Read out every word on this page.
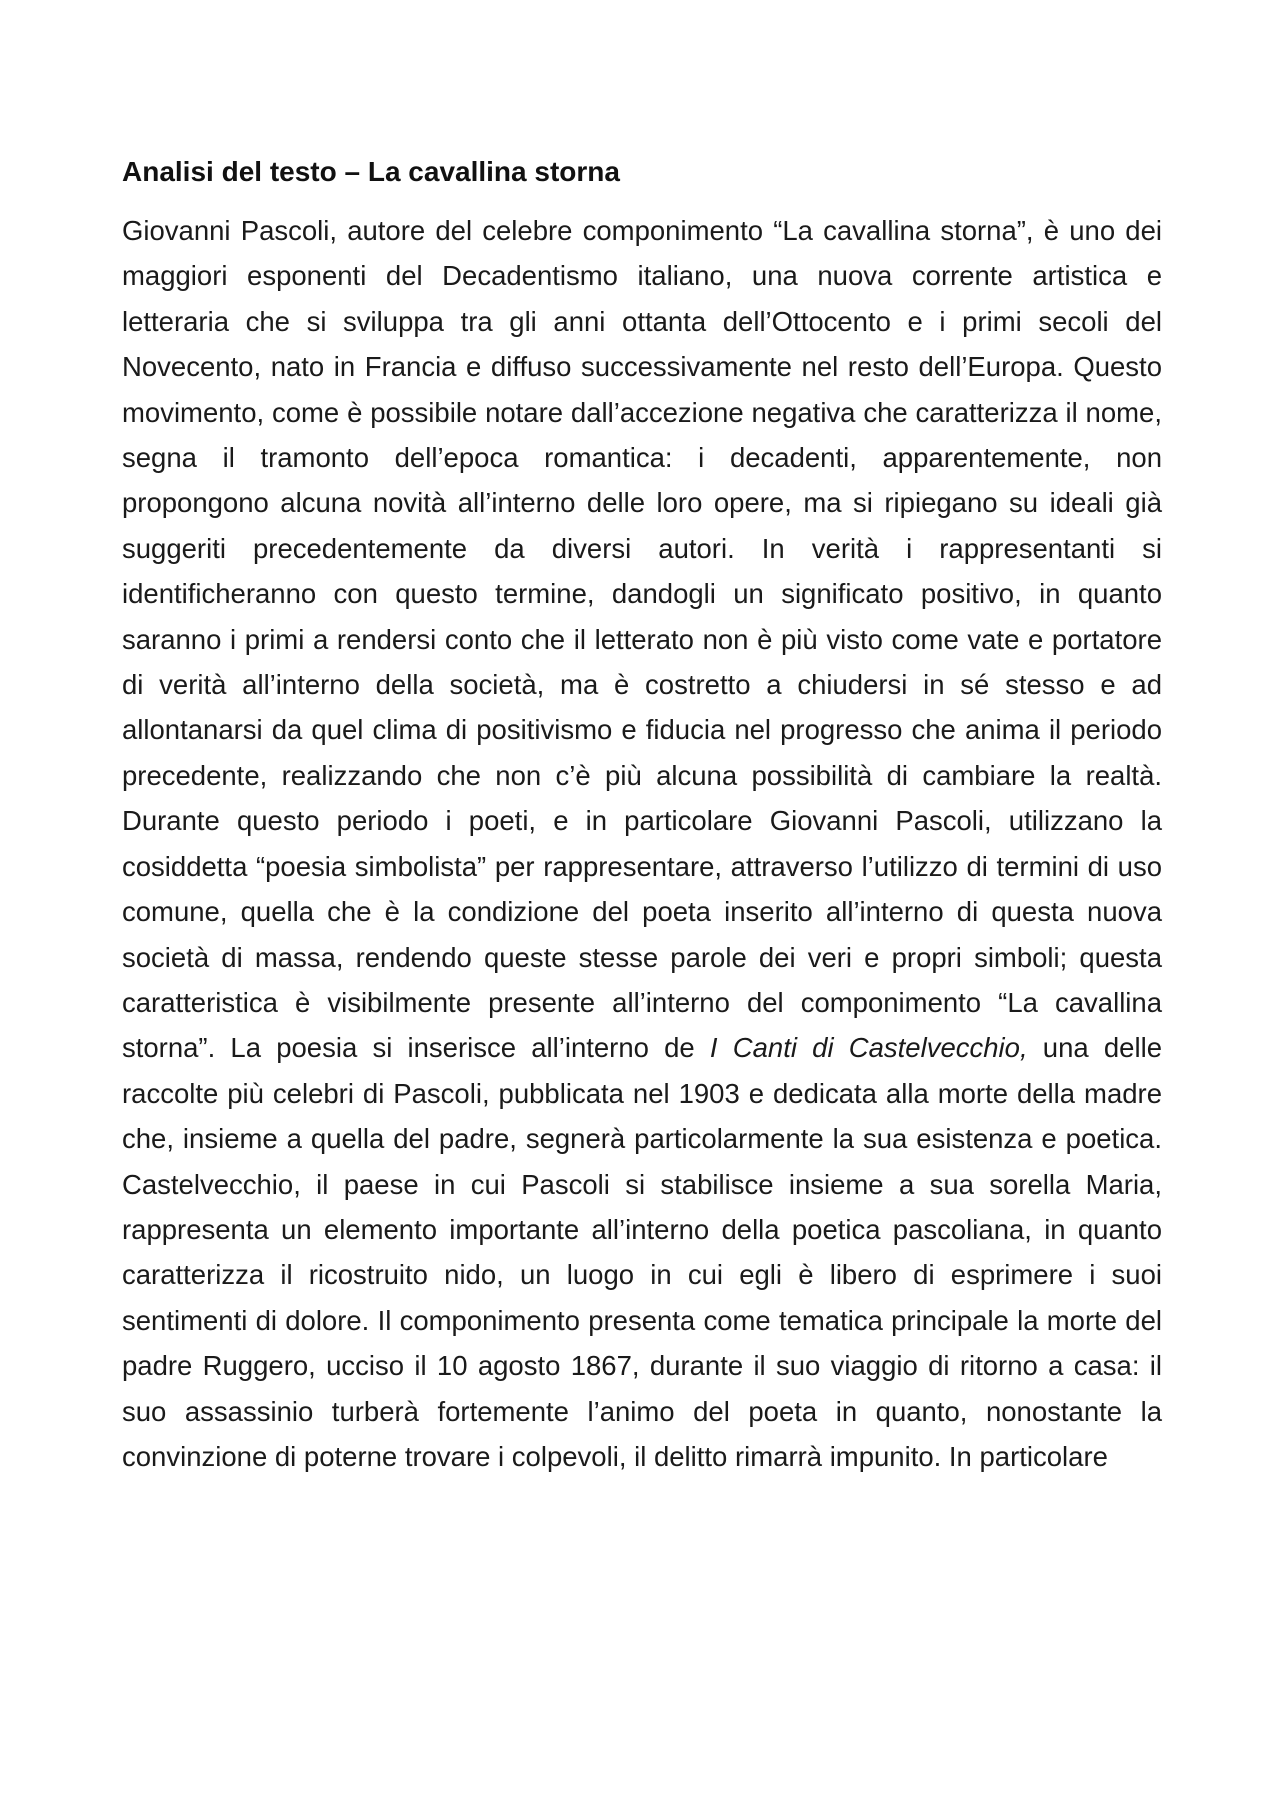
Analisi del testo – La cavallina storna

Giovanni Pascoli, autore del celebre componimento “La cavallina storna”, è uno dei maggiori esponenti del Decadentismo italiano, una nuova corrente artistica e letteraria che si sviluppa tra gli anni ottanta dell’Ottocento e i primi secoli del Novecento, nato in Francia e diffuso successivamente nel resto dell’Europa. Questo movimento, come è possibile notare dall’accezione negativa che caratterizza il nome, segna il tramonto dell’epoca romantica: i decadenti, apparentemente, non propongono alcuna novità all’interno delle loro opere, ma si ripiegano su ideali già suggeriti precedentemente da diversi autori. In verità i rappresentanti si identificheranno con questo termine, dandogli un significato positivo, in quanto saranno i primi a rendersi conto che il letterato non è più visto come vate e portatore di verità all’interno della società, ma è costretto a chiudersi in sé stesso e ad allontanarsi da quel clima di positivismo e fiducia nel progresso che anima il periodo precedente, realizzando che non c’è più alcuna possibilità di cambiare la realtà. Durante questo periodo i poeti, e in particolare Giovanni Pascoli, utilizzano la cosiddetta “poesia simbolista” per rappresentare, attraverso l’utilizzo di termini di uso comune, quella che è la condizione del poeta inserito all’interno di questa nuova società di massa, rendendo queste stesse parole dei veri e propri simboli; questa caratteristica è visibilmente presente all’interno del componimento “La cavallina storna”. La poesia si inserisce all’interno de I Canti di Castelvecchio, una delle raccolte più celebri di Pascoli, pubblicata nel 1903 e dedicata alla morte della madre che, insieme a quella del padre, segnerà particolarmente la sua esistenza e poetica. Castelvecchio, il paese in cui Pascoli si stabilisce insieme a sua sorella Maria, rappresenta un elemento importante all’interno della poetica pascoliana, in quanto caratterizza il ricostruito nido, un luogo in cui egli è libero di esprimere i suoi sentimenti di dolore. Il componimento presenta come tematica principale la morte del padre Ruggero, ucciso il 10 agosto 1867, durante il suo viaggio di ritorno a casa: il suo assassinio turberà fortemente l’animo del poeta in quanto, nonostante la convinzione di poterne trovare i colpevoli, il delitto rimarrà impunito. In particolare
